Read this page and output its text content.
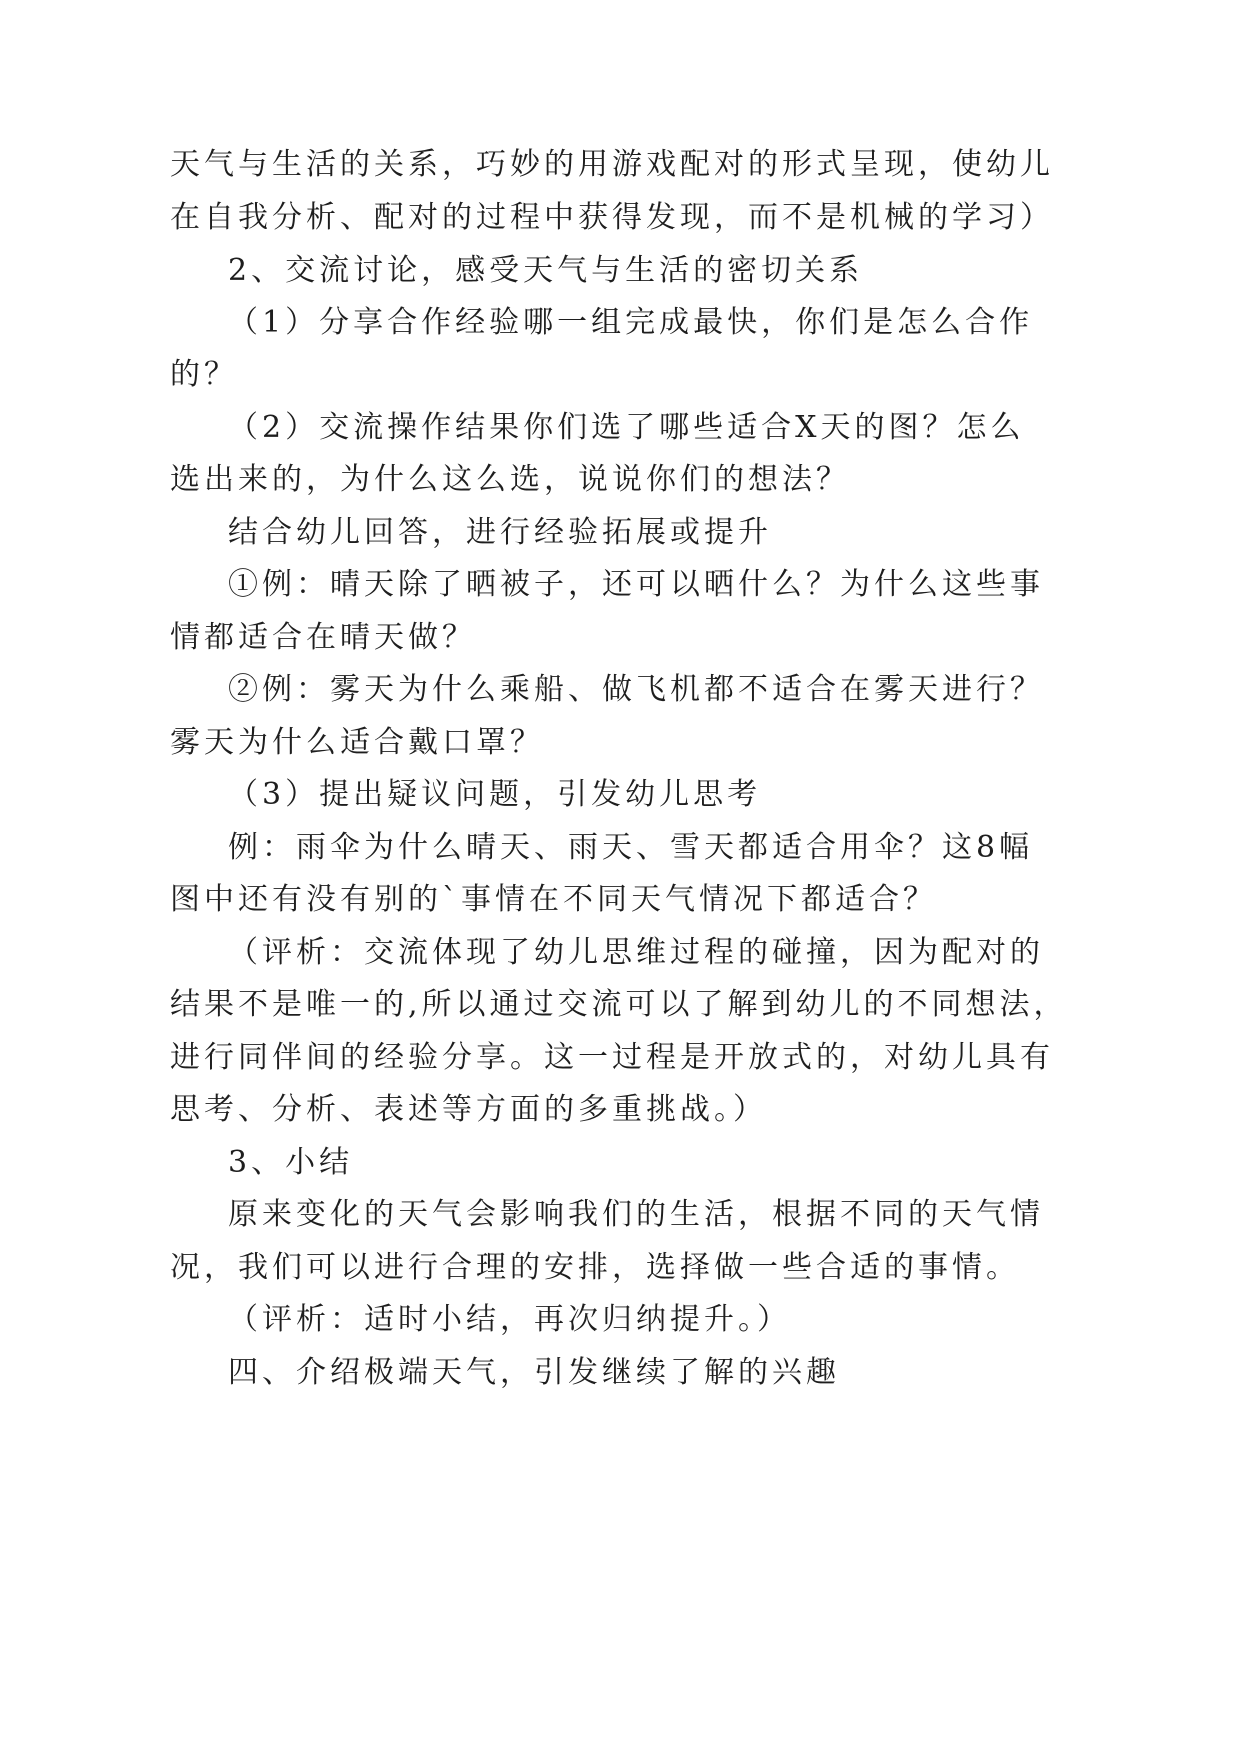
天气与生活的关系，巧妙的用游戏配对的形式呈现，使幼儿
在自我分析、配对的过程中获得发现，而不是机械的学习）
2、交流讨论，感受天气与生活的密切关系
（1）分享合作经验哪一组完成最快，你们是怎么合作
的？
（2）交流操作结果你们选了哪些适合X天的图？怎么
选出来的，为什么这么选，说说你们的想法？
结合幼儿回答，进行经验拓展或提升
①例：晴天除了晒被子，还可以晒什么？为什么这些事
情都适合在晴天做？
②例：雾天为什么乘船、做飞机都不适合在雾天进行？
雾天为什么适合戴口罩？
（3）提出疑议问题，引发幼儿思考
例：雨伞为什么晴天、雨天、雪天都适合用伞？这8幅
图中还有没有别的`事情在不同天气情况下都适合？
（评析：交流体现了幼儿思维过程的碰撞，因为配对的
结果不是唯一的,所以通过交流可以了解到幼儿的不同想法，
进行同伴间的经验分享。这一过程是开放式的，对幼儿具有
思考、分析、表述等方面的多重挑战。）
3、小结
原来变化的天气会影响我们的生活，根据不同的天气情
况，我们可以进行合理的安排，选择做一些合适的事情。
（评析：适时小结，再次归纳提升。）
四、介绍极端天气，引发继续了解的兴趣
